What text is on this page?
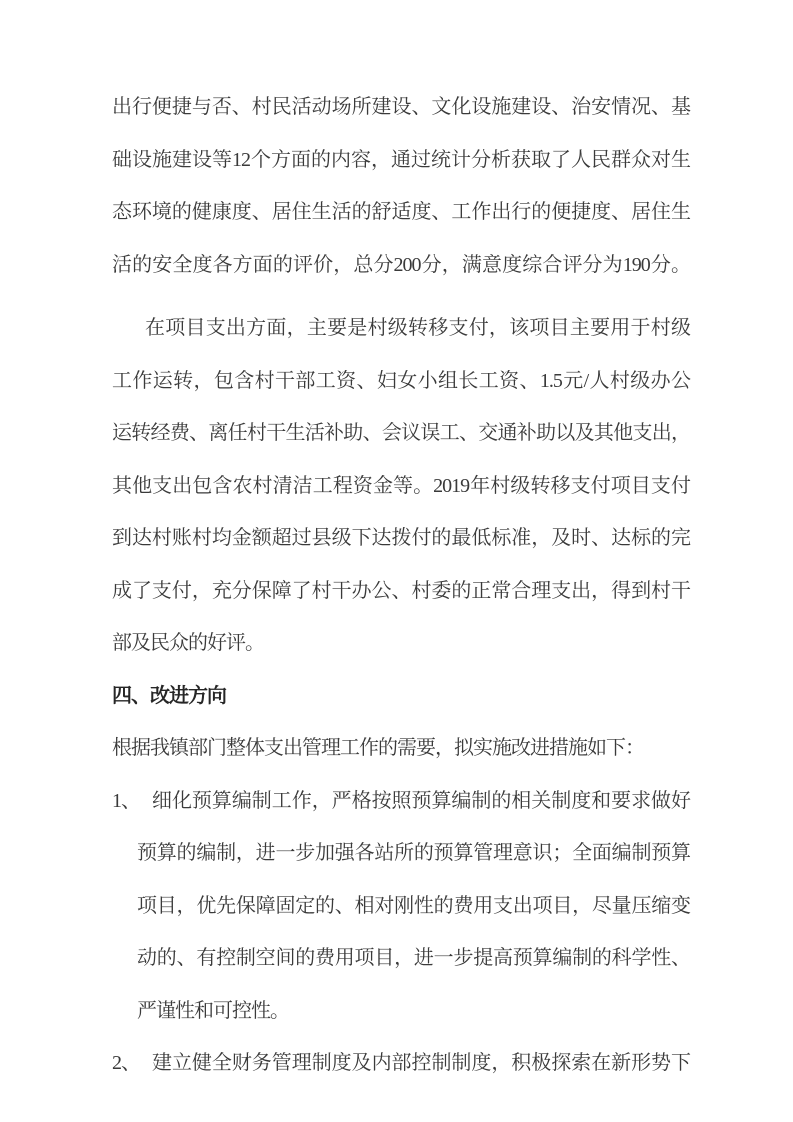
出行便捷与否、村民活动场所建设、文化设施建设、治安情况、基
础设施建设等12个方面的内容，通过统计分析获取了人民群众对生
态环境的健康度、居住生活的舒适度、工作出行的便捷度、居住生
活的安全度各方面的评价，总分200分，满意度综合评分为190分。
在项目支出方面，主要是村级转移支付，该项目主要用于村级
工作运转，包含村干部工资、妇女小组长工资、1.5元/人村级办公
运转经费、离任村干生活补助、会议误工、交通补助以及其他支出，
其他支出包含农村清洁工程资金等。2019年村级转移支付项目支付
到达村账村均金额超过县级下达拨付的最低标准，及时、达标的完
成了支付，充分保障了村干办公、村委的正常合理支出，得到村干
部及民众的好评。
四、改进方向
根据我镇部门整体支出管理工作的需要，拟实施改进措施如下：
1、 细化预算编制工作，严格按照预算编制的相关制度和要求做好
预算的编制，进一步加强各站所的预算管理意识；全面编制预算
项目，优先保障固定的、相对刚性的费用支出项目，尽量压缩变
动的、有控制空间的费用项目，进一步提高预算编制的科学性、
严谨性和可控性。
2、 建立健全财务管理制度及内部控制制度，积极探索在新形势下
